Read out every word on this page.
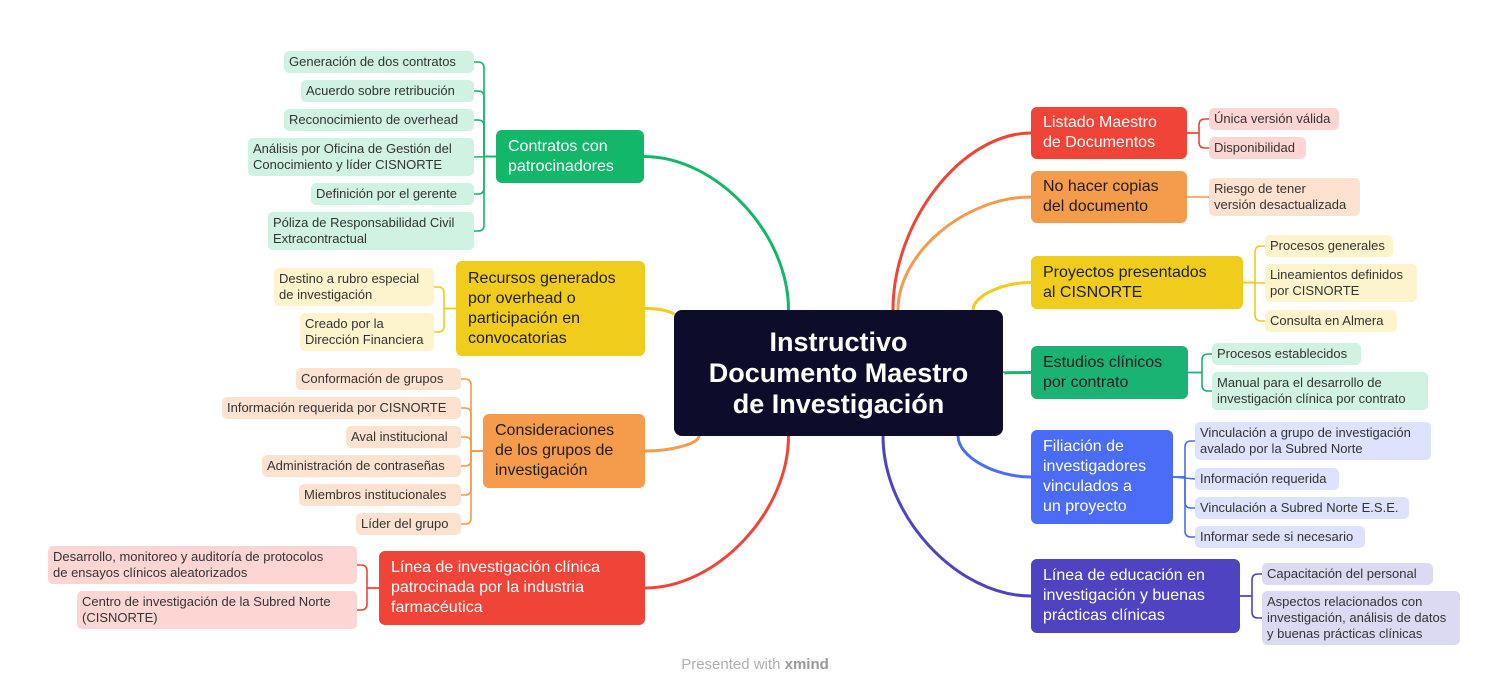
Instructivo
Documento Maestro
de Investigación
Contratos con
patrocinadores
Recursos generados
por overhead o
participación en
convocatorias
Consideraciones
de los grupos de
investigación
Línea de investigación clínica
patrocinada por la industria
farmacéutica
Listado Maestro
de Documentos
No hacer copias
del documento
Proyectos presentados
al CISNORTE
Estudios clínicos
por contrato
Filiación de
investigadores
vinculados a
un proyecto
Línea de educación en
investigación y buenas
prácticas clínicas
Generación de dos contratos
Acuerdo sobre retribución
Reconocimiento de overhead
Análisis por Oficina de Gestión del
Conocimiento y líder CISNORTE
Definición por el gerente
Póliza de Responsabilidad Civil
Extracontractual
Destino a rubro especial
de investigación
Creado por la
Dirección Financiera
Conformación de grupos
Información requerida por CISNORTE
Aval institucional
Administración de contraseñas
Miembros institucionales
Líder del grupo
Desarrollo, monitoreo y auditoría de protocolos
de ensayos clínicos aleatorizados
Centro de investigación de la Subred Norte
(CISNORTE)
Única versión válida
Disponibilidad
Riesgo de tener
versión desactualizada
Procesos generales
Lineamientos definidos
por CISNORTE
Consulta en Almera
Procesos establecidos
Manual para el desarrollo de
investigación clínica por contrato
Vinculación a grupo de investigación
avalado por la Subred Norte
Información requerida
Vinculación a Subred Norte E.S.E.
Informar sede si necesario
Capacitación del personal
Aspectos relacionados con
investigación, análisis de datos
y buenas prácticas clínicas
Presented with xmind
